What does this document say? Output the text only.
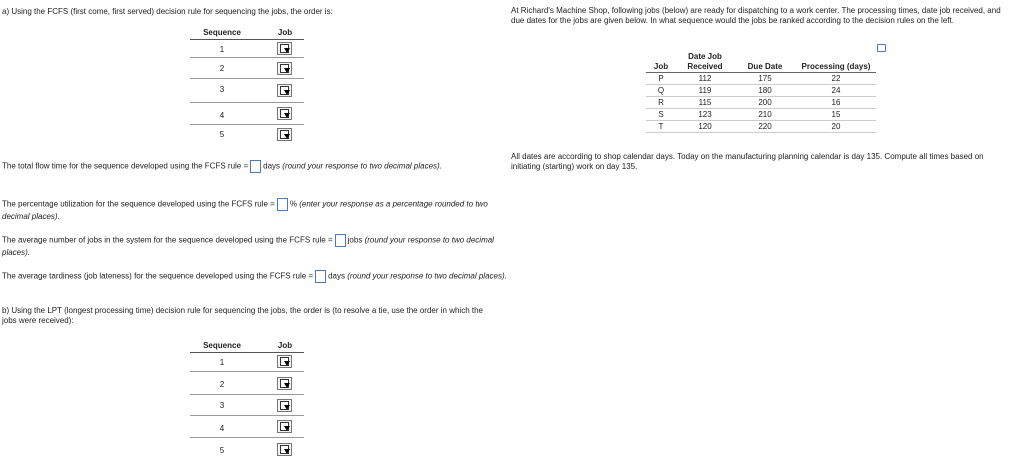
a) Using the FCFS (first come, first served) decision rule for sequencing the jobs, the order is:
Sequence	Job
1
2
3
4
5
The total flow time for the sequence developed using the FCFS rule = days (round your response to two decimal places).
The percentage utilization for the sequence developed using the FCFS rule = % (enter your response as a percentage rounded to two decimal places).
The average number of jobs in the system for the sequence developed using the FCFS rule = jobs (round your response to two decimal places).
The average tardiness (job lateness) for the sequence developed using the FCFS rule = days (round your response to two decimal places).
b) Using the LPT (longest processing time) decision rule for sequencing the jobs, the order is (to resolve a tie, use the order in which the jobs were received):
Sequence	Job
1
2
3
4
5
At Richard's Machine Shop, following jobs (below) are ready for dispatching to a work center. The processing times, date job received, and due dates for the jobs are given below. In what sequence would the jobs be ranked according to the decision rules on the left.
Job	Date Job Received	Due Date	Processing (days)
P	112	175	22
Q	119	180	24
R	115	200	16
S	123	210	15
T	120	220	20
All dates are according to shop calendar days. Today on the manufacturing planning calendar is day 135. Compute all times based on initiating (starting) work on day 135.
